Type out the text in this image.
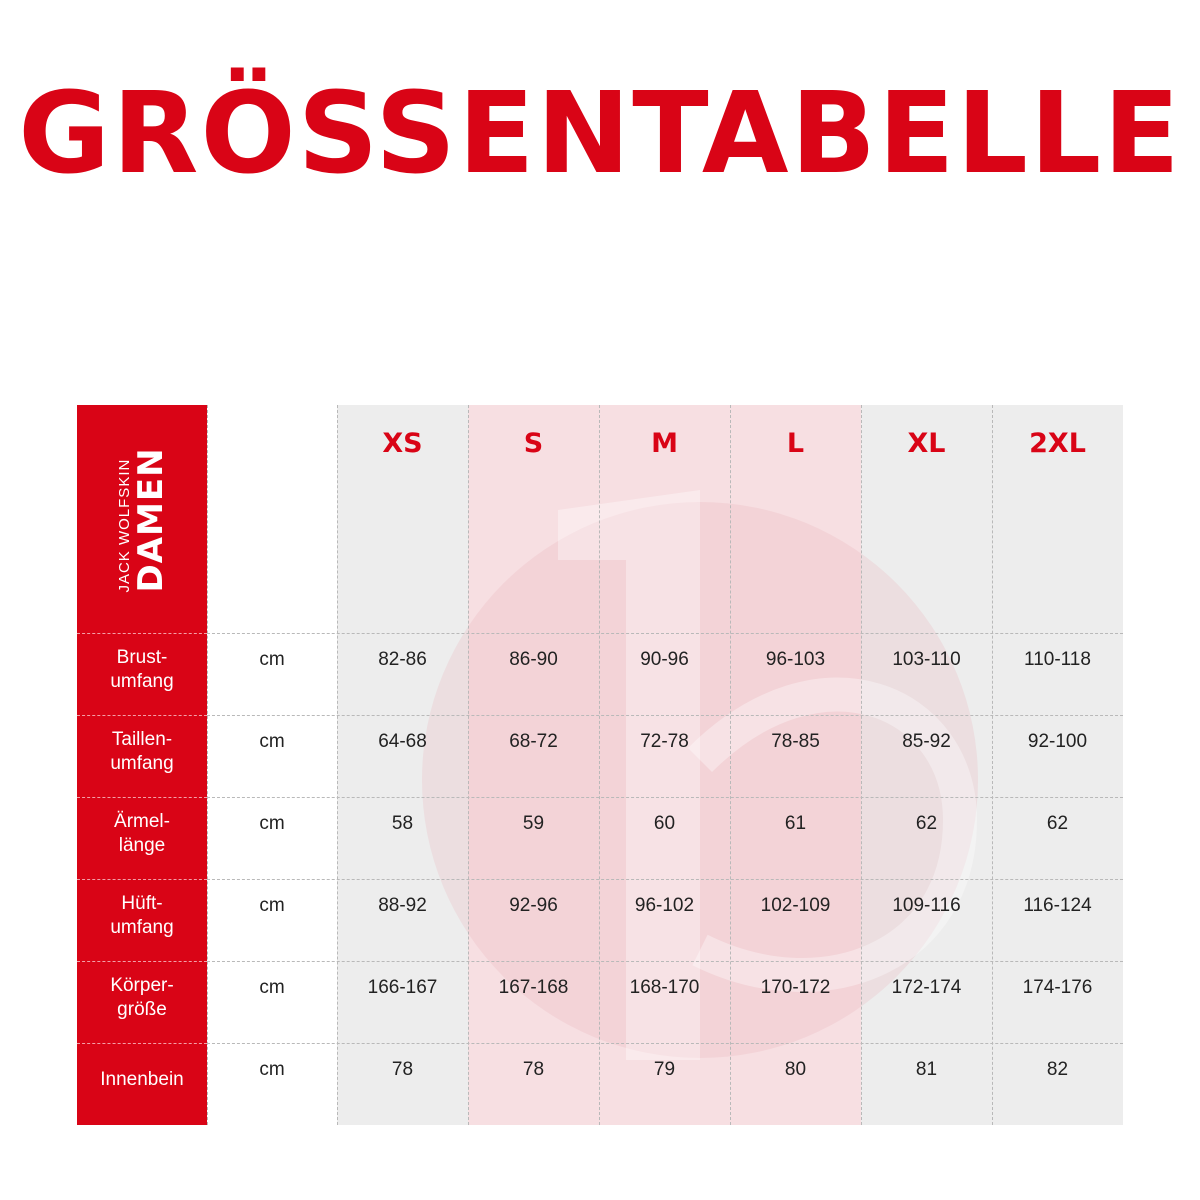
GRÖSSENTABELLE
JACK WOLFSKIN
DAMEN
XS	S	M	L	XL	2XL
Brust-
umfang
cm	82-86	86-90	90-96	96-103	103-110	110-118
Taillen-
umfang
cm	64-68	68-72	72-78	78-85	85-92	92-100
Ärmel-
länge
cm	58	59	60	61	62	62
Hüft-
umfang
cm	88-92	92-96	96-102	102-109	109-116	116-124
Körper-
größe
cm	166-167	167-168	168-170	170-172	172-174	174-176
Innenbein	cm	78	78	79	80	81	82
